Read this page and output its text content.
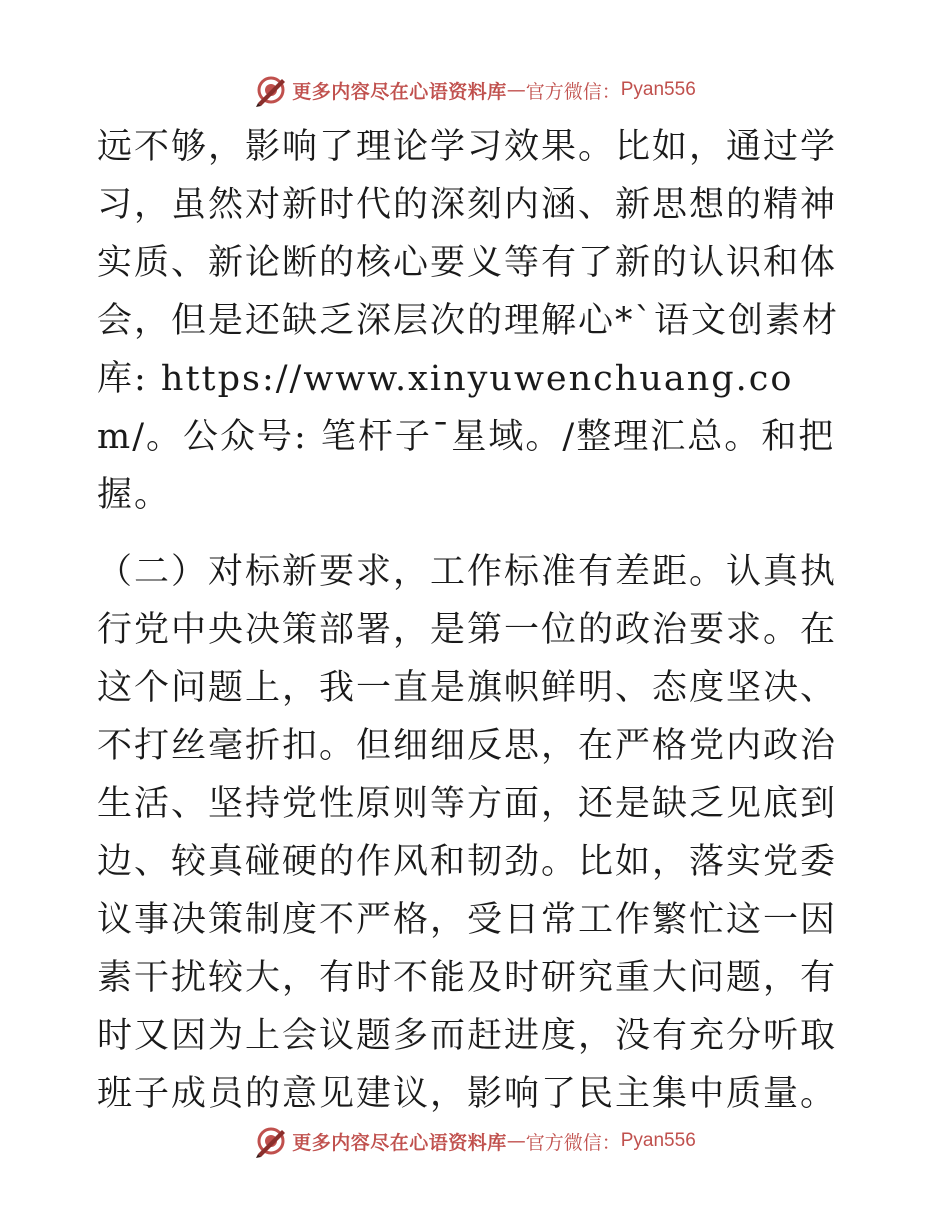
更多内容尽在心语资料库 — 官方微信： Pyan556

远不够，影响了理论学习效果。比如，通过学习，虽然对新时代的深刻内涵、新思想的精神实质、新论断的核心要义等有了新的认识和体会，但是还缺乏深层次的理解心*`语文创素材库: https://www.xinyuwenchuang.com/。公众号: 笔杆子¯星域。/整理汇总。和把握。

（二）对标新要求，工作标准有差距。认真执行党中央决策部署，是第一位的政治要求。在这个问题上，我一直是旗帜鲜明、态度坚决、不打丝毫折扣。但细细反思，在严格党内政治生活、坚持党性原则等方面，还是缺乏见底到边、较真碰硬的作风和韧劲。比如，落实党委议事决策制度不严格，受日常工作繁忙这一因素干扰较大，有时不能及时研究重大问题，有时又因为上会议题多而赶进度，没有充分听取班子成员的意见建议，影响了民主集中质量。

更多内容尽在心语资料库 — 官方微信： Pyan556
